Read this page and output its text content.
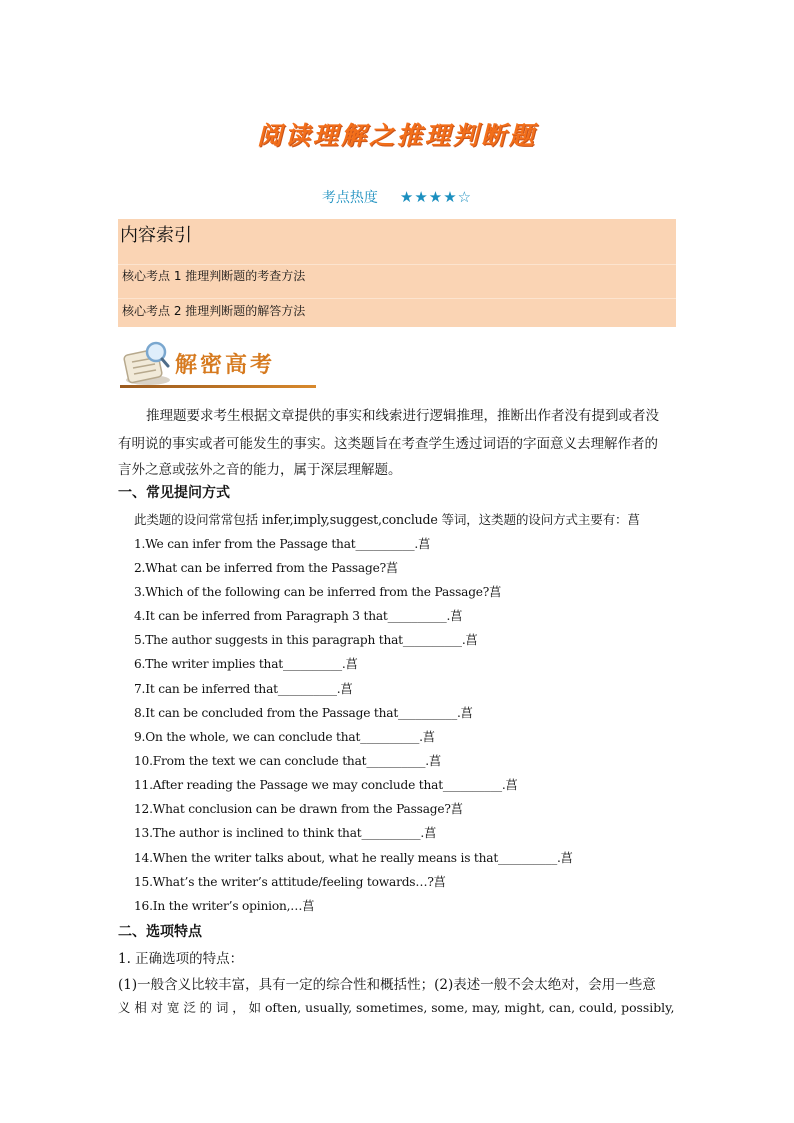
阅读理解之推理判断题
考点热度 ★★★★☆
内容索引
核心考点 1 推理判断题的考查方法
核心考点 2 推理判断题的解答方法
解密高考
推理题要求考生根据文章提供的事实和线索进行逻辑推理，推断出作者没有提到或者没
有明说的事实或者可能发生的事实。这类题旨在考查学生透过词语的字面意义去理解作者的
言外之意或弦外之音的能力，属于深层理解题。
一、常见提问方式
此类题的设问常常包括 infer,imply,suggest,conclude 等词，这类题的设问方式主要有：菖
1.We can infer from the Passage that__________.菖
2.What can be inferred from the Passage?菖
3.Which of the following can be inferred from the Passage?菖
4.It can be inferred from Paragraph 3 that__________.菖
5.The author suggests in this paragraph that__________.菖
6.The writer implies that__________.菖
7.It can be inferred that__________.菖
8.It can be concluded from the Passage that__________.菖
9.On the whole, we can conclude that__________.菖
10.From the text we can conclude that__________.菖
11.After reading the Passage we may conclude that__________.菖
12.What conclusion can be drawn from the Passage?菖
13.The author is inclined to think that__________.菖
14.When the writer talks about, what he really means is that__________.菖
15.What’s the writer’s attitude/feeling towards…?菖
16.In the writer’s opinion,…菖
二、选项特点
1. 正确选项的特点：
(1)一般含义比较丰富，具有一定的综合性和概括性；(2)表述一般不会太绝对，会用一些意
义 相 对 宽 泛 的 词 ， 如 often, usually, sometimes, some, may, might, can, could, possibly,
